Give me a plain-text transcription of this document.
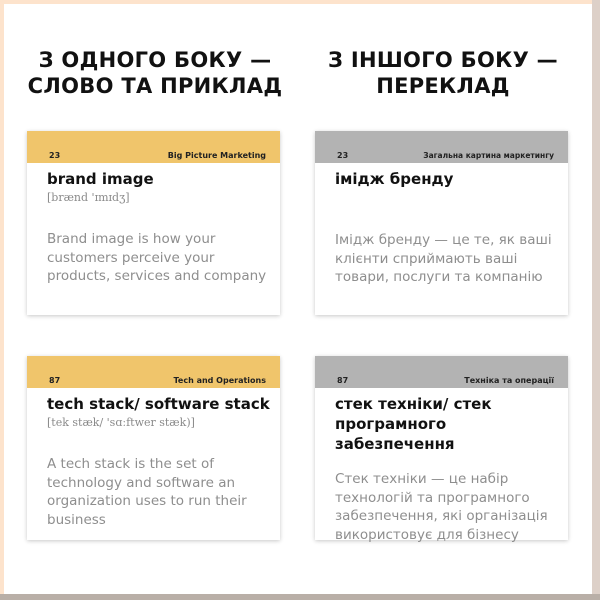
З ОДНОГО БОКУ — СЛОВО ТА ПРИКЛАД
З ІНШОГО БОКУ — ПЕРЕКЛАД
23	Big Picture Marketing
brand image
[brænd 'ɪmɪdʒ]
Brand image is how your customers perceive your products, services and company
23	Загальна картина маркетингу
імідж бренду
Імідж бренду — це те, як ваші клієнти сприймають ваші товари, послуги та компанію
87	Tech and Operations
tech stack/ software stack
[tek stæk/ 'sɑːftwer stæk)]
A tech stack is the set of technology and software an organization uses to run their business
87	Техніка та операції
стек техніки/ стек програмного забезпечення
Стек техніки — це набір технологій та програмного забезпечення, які організація використовує для бізнесу
